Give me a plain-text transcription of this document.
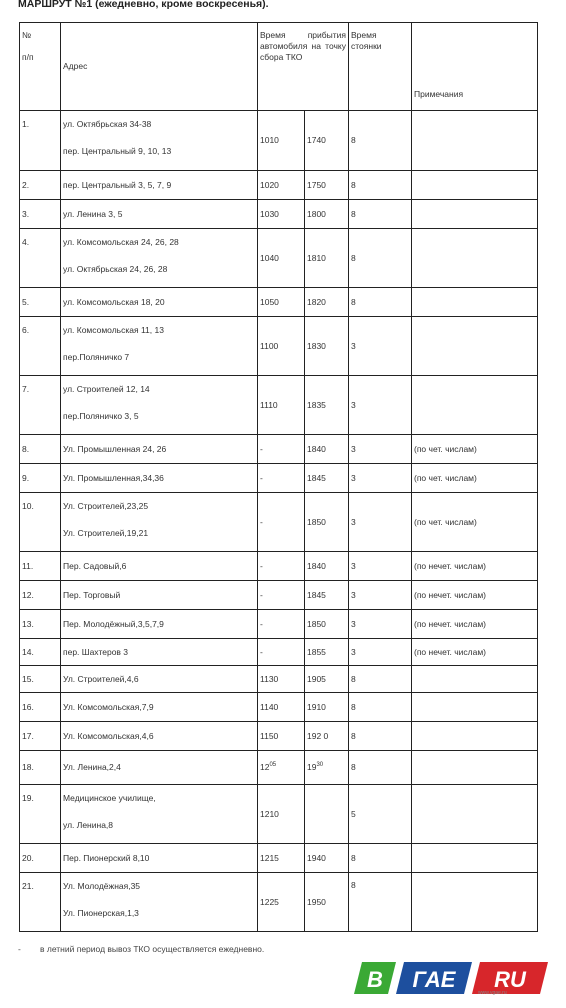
МАРШРУТ №1 (ежедневно, кроме воскресенья).
№

п/п	Адрес	Время прибытия автомобиля на точку сбора ТКО		Время стоянки	Примечания
1.	ул. Октябрьская 34-38
пер. Центральный 9, 10, 13	1010	1740	8	
2.	пер. Центральный 3, 5, 7, 9	1020	1750	8	
3.	ул. Ленина 3, 5	1030	1800	8	
4.	ул. Комсомольская 24, 26, 28
ул. Октябрьская 24, 26, 28	1040	1810	8	
5.	ул. Комсомольская 18, 20	1050	1820	8	
6.	ул. Комсомольская 11, 13
пер.Поляничко 7	1100	1830	3	
7.	ул. Строителей 12, 14
пер.Поляничко 3, 5	1110	1835	3	
8.	Ул. Промышленная 24, 26	-	1840	3	(по чет. числам)
9.	Ул. Промышленная,34,36	-	1845	3	(по чет. числам)
10.	Ул. Строителей,23,25
Ул. Строителей,19,21	-	1850	3	(по чет. числам)
11.	Пер. Садовый,6	-	1840	3	(по нечет. числам)
12.	Пер. Торговый	-	1845	3	(по нечет. числам)
13.	Пер. Молодёжный,3,5,7,9	-	1850	3	(по нечет. числам)
14.	пер. Шахтеров 3	-	1855	3	(по нечет. числам)
15.	Ул. Строителей,4,6	1130	1905	8	
16.	Ул. Комсомольская,7,9	1140	1910	8	
17.	Ул. Комсомольская,4,6	1150	192 0	8	
18.	Ул. Ленина,2,4	$12^{05}$	$19^{30}$	8	
19.	Медицинское училище,
ул. Ленина,8	1210		5	
20.	Пер. Пионерский 8,10	1215	1940	8	
21.	Ул. Молодёжная,35
Ул. Пионерская,1,3	1225	1950	8	
- в летний период вывоз ТКО осуществляется ежедневно.
В ГАЕ RU
www.vgae.ru
